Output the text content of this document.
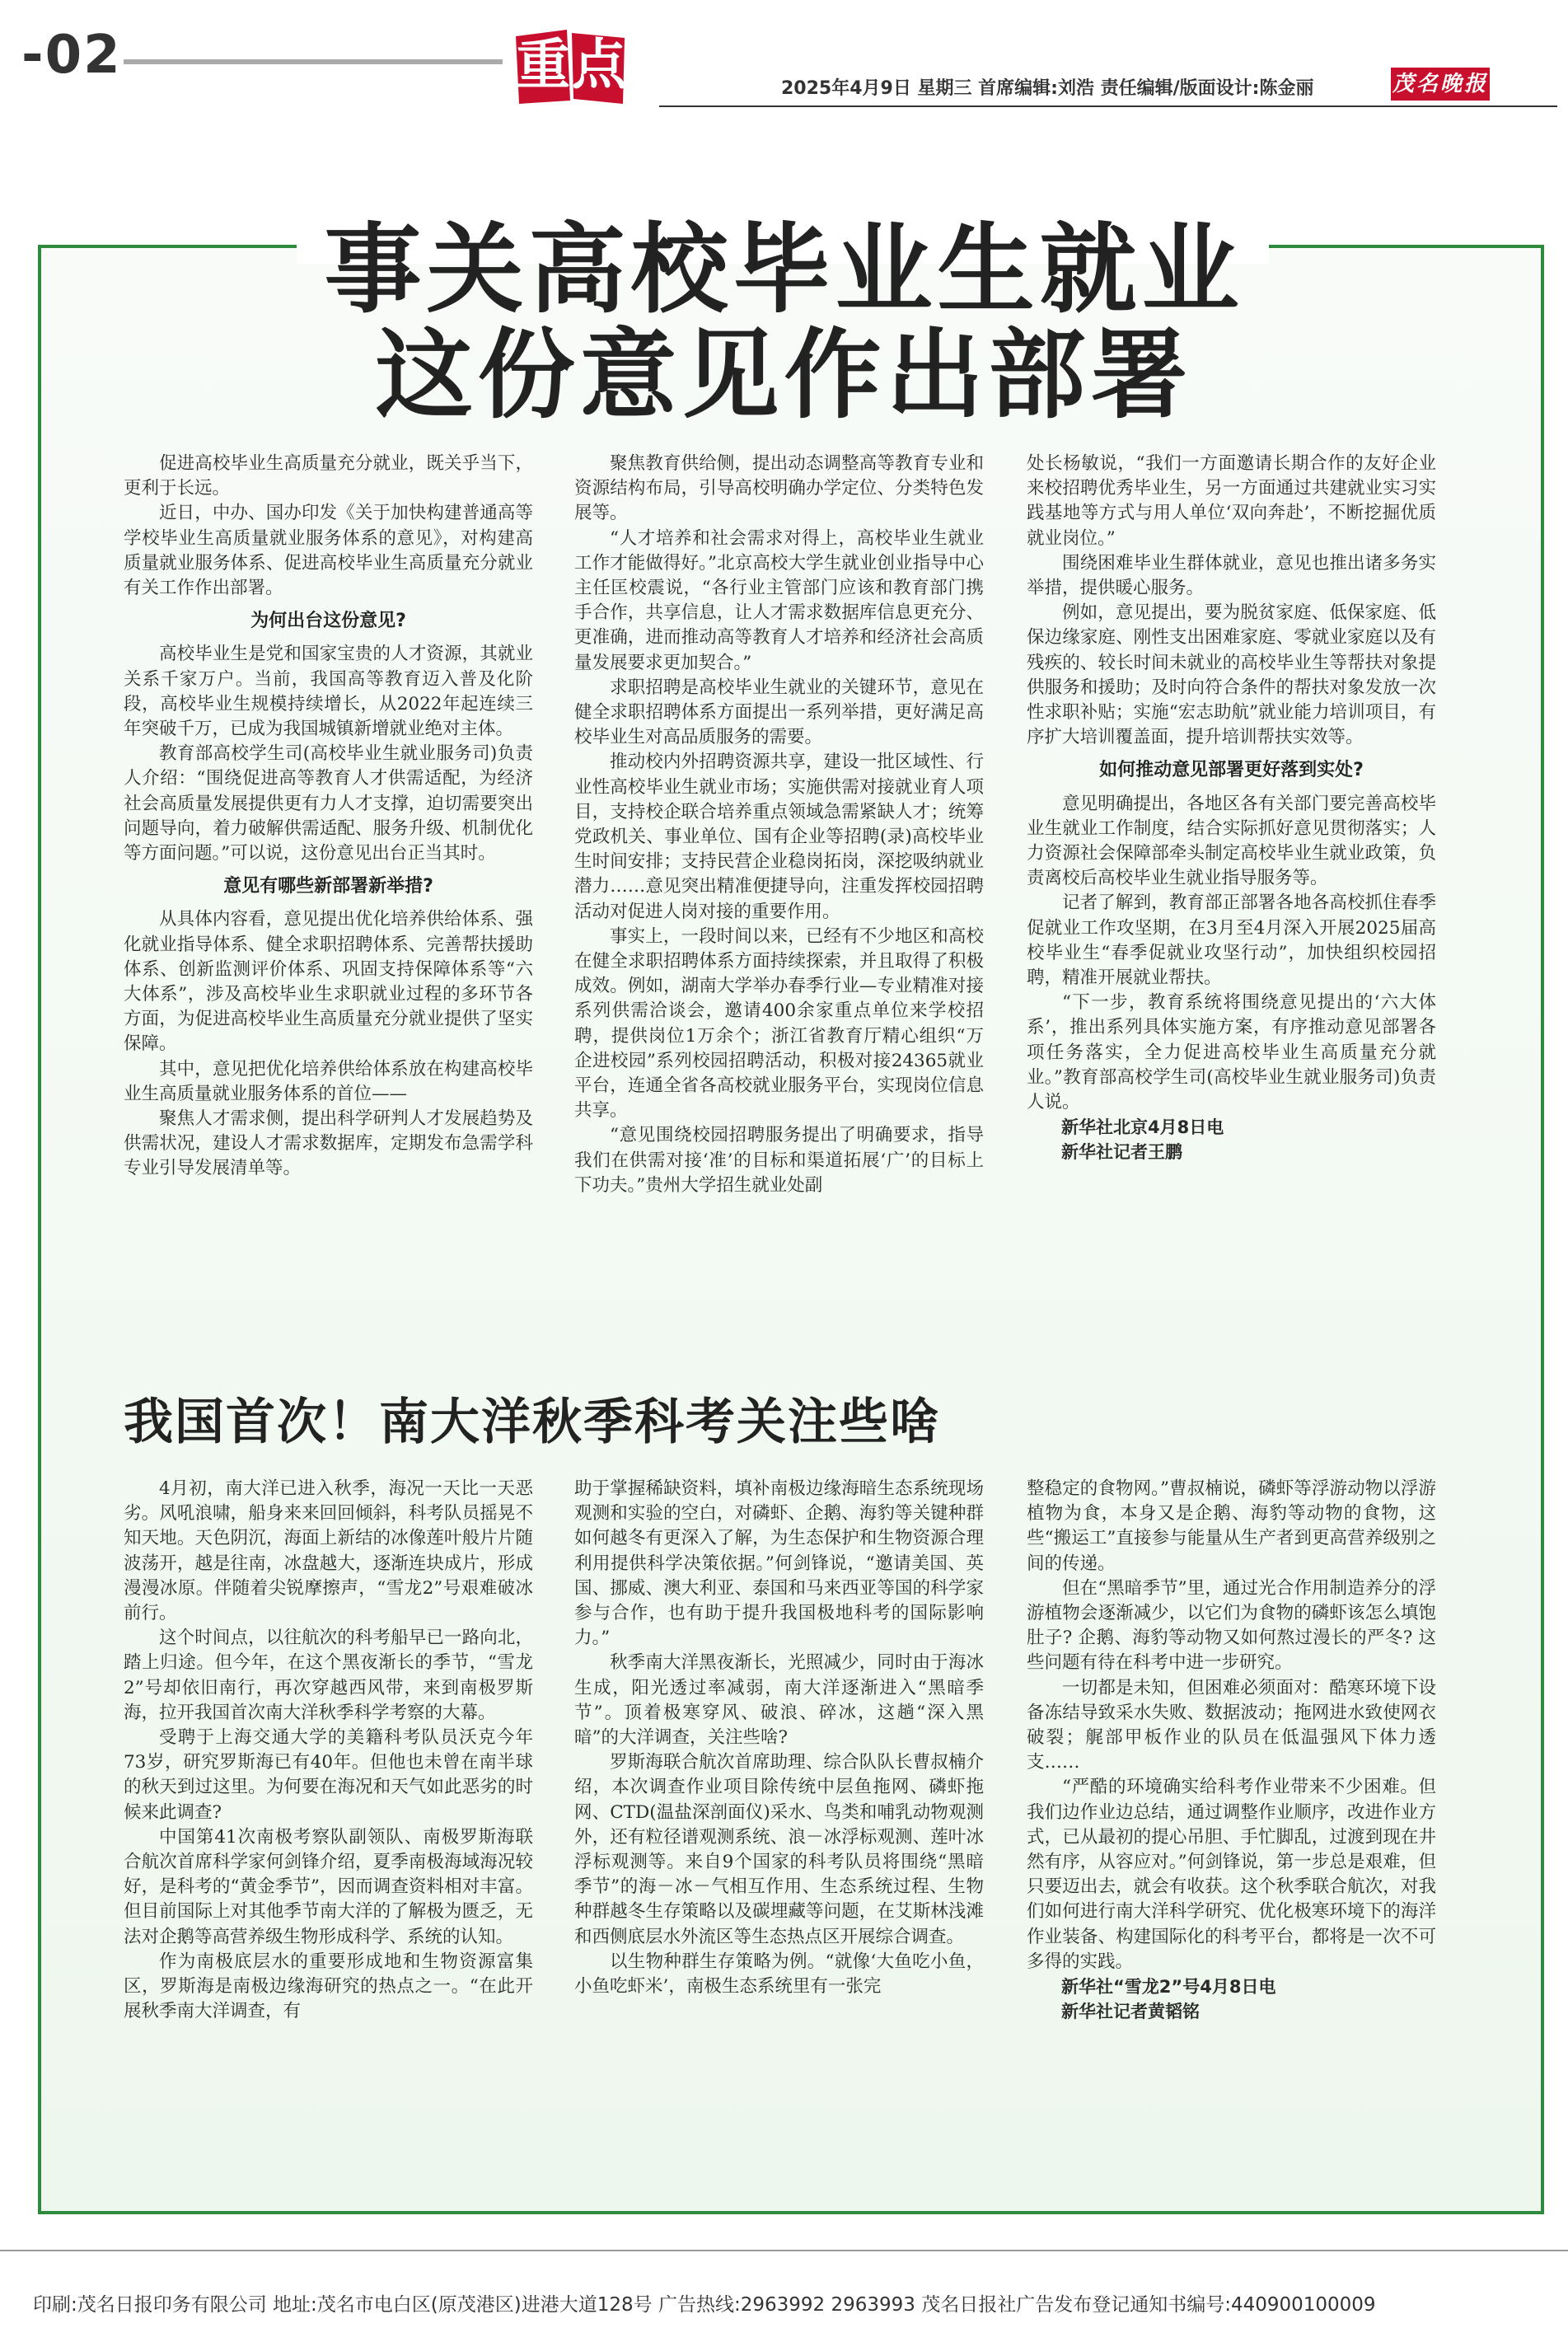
-02	重 点	2025年4月9日 星期三 首席编辑:刘浩 责任编辑/版面设计:陈金丽	茂名晚报
事关高校毕业生就业
这份意见作出部署

促进高校毕业生高质量充分就业，既关乎当下，更利于长远。

近日，中办、国办印发《关于加快构建普通高等学校毕业生高质量就业服务体系的意见》，对构建高质量就业服务体系、促进高校毕业生高质量充分就业有关工作作出部署。

为何出台这份意见?

高校毕业生是党和国家宝贵的人才资源，其就业关系千家万户。当前，我国高等教育迈入普及化阶段，高校毕业生规模持续增长，从2022年起连续三年突破千万，已成为我国城镇新增就业绝对主体。

教育部高校学生司(高校毕业生就业服务司)负责人介绍：“围绕促进高等教育人才供需适配，为经济社会高质量发展提供更有力人才支撑，迫切需要突出问题导向，着力破解供需适配、服务升级、机制优化等方面问题。”可以说，这份意见出台正当其时。

意见有哪些新部署新举措?

从具体内容看，意见提出优化培养供给体系、强化就业指导体系、健全求职招聘体系、完善帮扶援助体系、创新监测评价体系、巩固支持保障体系等“六大体系”，涉及高校毕业生求职就业过程的多环节各方面，为促进高校毕业生高质量充分就业提供了坚实保障。

其中，意见把优化培养供给体系放在构建高校毕业生高质量就业服务体系的首位——

聚焦人才需求侧，提出科学研判人才发展趋势及供需状况，建设人才需求数据库，定期发布急需学科专业引导发展清单等。

聚焦教育供给侧，提出动态调整高等教育专业和资源结构布局，引导高校明确办学定位、分类特色发展等。

“人才培养和社会需求对得上，高校毕业生就业工作才能做得好。”北京高校大学生就业创业指导中心主任匡校震说，“各行业主管部门应该和教育部门携手合作，共享信息，让人才需求数据库信息更充分、更准确，进而推动高等教育人才培养和经济社会高质量发展要求更加契合。”

求职招聘是高校毕业生就业的关键环节，意见在健全求职招聘体系方面提出一系列举措，更好满足高校毕业生对高品质服务的需要。

推动校内外招聘资源共享，建设一批区域性、行业性高校毕业生就业市场；实施供需对接就业育人项目，支持校企联合培养重点领域急需紧缺人才；统筹党政机关、事业单位、国有企业等招聘(录)高校毕业生时间安排；支持民营企业稳岗拓岗，深挖吸纳就业潜力……意见突出精准便捷导向，注重发挥校园招聘活动对促进人岗对接的重要作用。

事实上，一段时间以来，已经有不少地区和高校在健全求职招聘体系方面持续探索，并且取得了积极成效。例如，湖南大学举办春季行业—专业精准对接系列供需洽谈会，邀请400余家重点单位来学校招聘，提供岗位1万余个；浙江省教育厅精心组织“万企进校园”系列校园招聘活动，积极对接24365就业平台，连通全省各高校就业服务平台，实现岗位信息共享。

“意见围绕校园招聘服务提出了明确要求，指导我们在供需对接‘准’的目标和渠道拓展‘广’的目标上下功夫。”贵州大学招生就业处副

处长杨敏说，“我们一方面邀请长期合作的友好企业来校招聘优秀毕业生，另一方面通过共建就业实习实践基地等方式与用人单位‘双向奔赴’，不断挖掘优质就业岗位。”

围绕困难毕业生群体就业，意见也推出诸多务实举措，提供暖心服务。

例如，意见提出，要为脱贫家庭、低保家庭、低保边缘家庭、刚性支出困难家庭、零就业家庭以及有残疾的、较长时间未就业的高校毕业生等帮扶对象提供服务和援助；及时向符合条件的帮扶对象发放一次性求职补贴；实施“宏志助航”就业能力培训项目，有序扩大培训覆盖面，提升培训帮扶实效等。

如何推动意见部署更好落到实处?

意见明确提出，各地区各有关部门要完善高校毕业生就业工作制度，结合实际抓好意见贯彻落实；人力资源社会保障部牵头制定高校毕业生就业政策，负责离校后高校毕业生就业指导服务等。

记者了解到，教育部正部署各地各高校抓住春季促就业工作攻坚期，在3月至4月深入开展2025届高校毕业生“春季促就业攻坚行动”，加快组织校园招聘，精准开展就业帮扶。

“下一步，教育系统将围绕意见提出的‘六大体系’，推出系列具体实施方案，有序推动意见部署各项任务落实，全力促进高校毕业生高质量充分就业。”教育部高校学生司(高校毕业生就业服务司)负责人说。

新华社北京4月8日电
新华社记者王鹏
我国首次！南大洋秋季科考关注些啥

4月初，南大洋已进入秋季，海况一天比一天恶劣。风吼浪啸，船身来来回回倾斜，科考队员摇晃不知天地。天色阴沉，海面上新结的冰像莲叶般片片随波荡开，越是往南，冰盘越大，逐渐连块成片，形成漫漫冰原。伴随着尖锐摩擦声，“雪龙2”号艰难破冰前行。

这个时间点，以往航次的科考船早已一路向北，踏上归途。但今年，在这个黑夜渐长的季节，“雪龙2”号却依旧南行，再次穿越西风带，来到南极罗斯海，拉开我国首次南大洋秋季科学考察的大幕。

受聘于上海交通大学的美籍科考队员沃克今年73岁，研究罗斯海已有40年。但他也未曾在南半球的秋天到过这里。为何要在海况和天气如此恶劣的时候来此调查?

中国第41次南极考察队副领队、南极罗斯海联合航次首席科学家何剑锋介绍，夏季南极海域海况较好，是科考的“黄金季节”，因而调查资料相对丰富。但目前国际上对其他季节南大洋的了解极为匮乏，无法对企鹅等高营养级生物形成科学、系统的认知。

作为南极底层水的重要形成地和生物资源富集区，罗斯海是南极边缘海研究的热点之一。“在此开展秋季南大洋调查，有

助于掌握稀缺资料，填补南极边缘海暗生态系统现场观测和实验的空白，对磷虾、企鹅、海豹等关键种群如何越冬有更深入了解，为生态保护和生物资源合理利用提供科学决策依据。”何剑锋说，“邀请美国、英国、挪威、澳大利亚、泰国和马来西亚等国的科学家参与合作，也有助于提升我国极地科考的国际影响力。”

秋季南大洋黑夜渐长，光照减少，同时由于海冰生成，阳光透过率减弱，南大洋逐渐进入“黑暗季节”。顶着极寒穿风、破浪、碎冰，这趟“深入黑暗”的大洋调查，关注些啥?

罗斯海联合航次首席助理、综合队队长曹叔楠介绍，本次调查作业项目除传统中层鱼拖网、磷虾拖网、CTD(温盐深剖面仪)采水、鸟类和哺乳动物观测外，还有粒径谱观测系统、浪－冰浮标观测、莲叶冰浮标观测等。来自9个国家的科考队员将围绕“黑暗季节”的海－冰－气相互作用、生态系统过程、生物种群越冬生存策略以及碳埋藏等问题，在艾斯林浅滩和西侧底层水外流区等生态热点区开展综合调查。

以生物种群生存策略为例。“就像‘大鱼吃小鱼，小鱼吃虾米’，南极生态系统里有一张完

整稳定的食物网。”曹叔楠说，磷虾等浮游动物以浮游植物为食，本身又是企鹅、海豹等动物的食物，这些“搬运工”直接参与能量从生产者到更高营养级别之间的传递。

但在“黑暗季节”里，通过光合作用制造养分的浮游植物会逐渐减少，以它们为食物的磷虾该怎么填饱肚子? 企鹅、海豹等动物又如何熬过漫长的严冬? 这些问题有待在科考中进一步研究。

一切都是未知，但困难必须面对：酷寒环境下设备冻结导致采水失败、数据波动；拖网进水致使网衣破裂；艉部甲板作业的队员在低温强风下体力透支……

“严酷的环境确实给科考作业带来不少困难。但我们边作业边总结，通过调整作业顺序，改进作业方式，已从最初的提心吊胆、手忙脚乱，过渡到现在井然有序，从容应对。”何剑锋说，第一步总是艰难，但只要迈出去，就会有收获。这个秋季联合航次，对我们如何进行南大洋科学研究、优化极寒环境下的海洋作业装备、构建国际化的科考平台，都将是一次不可多得的实践。

新华社“雪龙2”号4月8日电
新华社记者黄韬铭
印刷:茂名日报印务有限公司 地址:茂名市电白区(原茂港区)进港大道128号 广告热线:2963992 2963993 茂名日报社广告发布登记通知书编号:440900100009
